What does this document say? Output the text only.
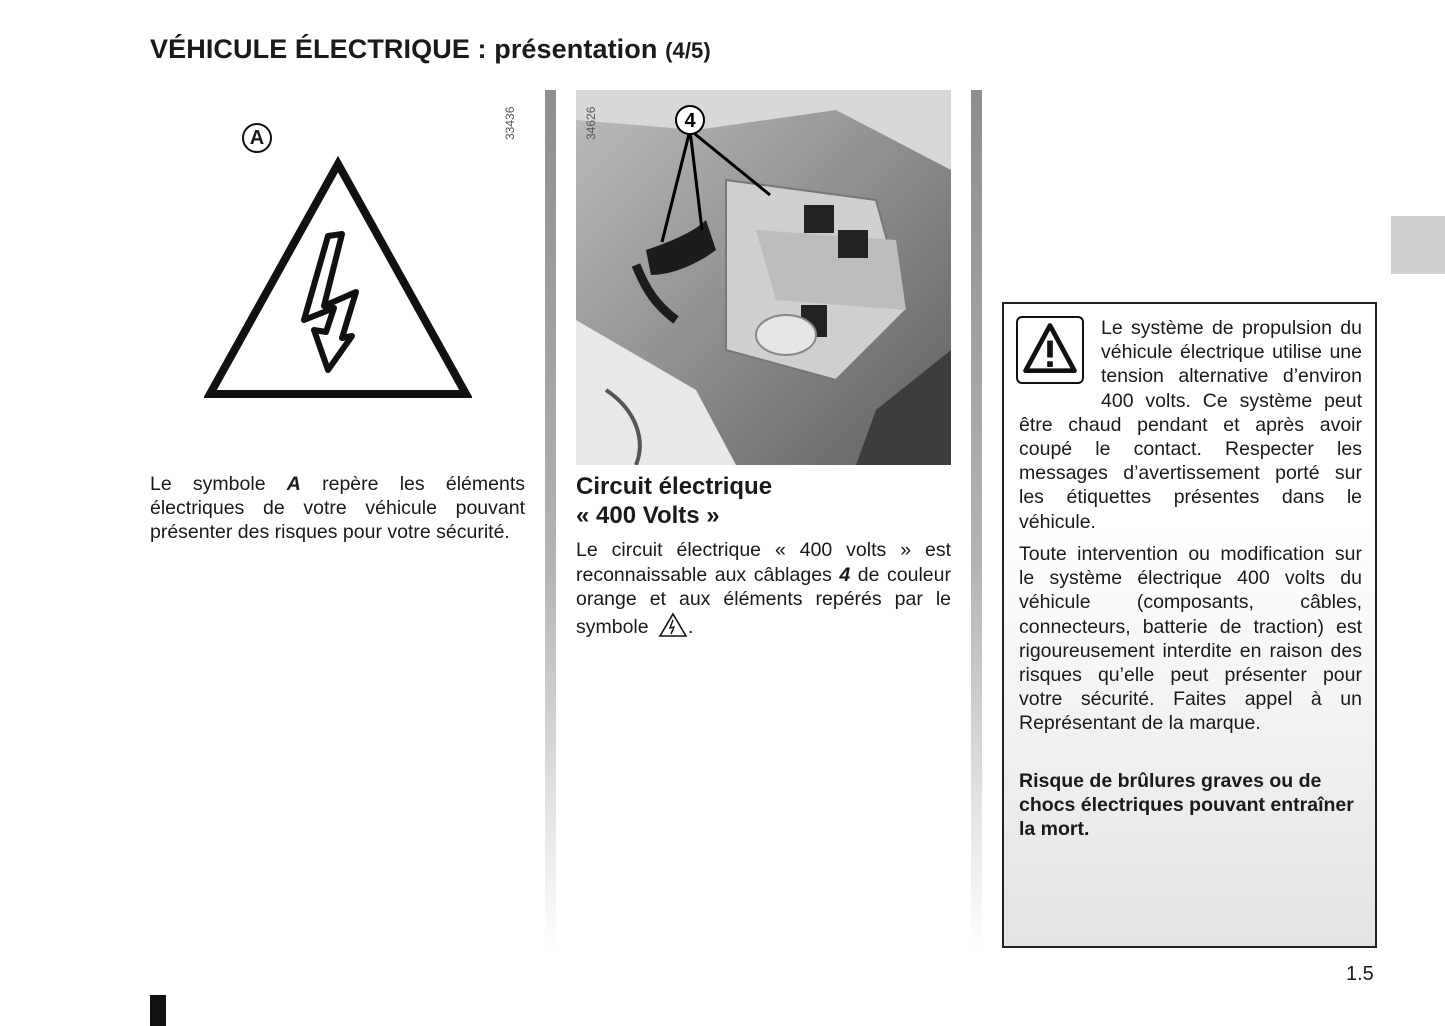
VÉHICULE ÉLECTRIQUE : présentation (4/5)
33436
A

Le symbole A repère les éléments électriques de votre véhicule pouvant présenter des risques pour votre sécurité.

4
34626
Circuit électrique
« 400 Volts »

Le circuit électrique « 400 volts » est reconnaissable aux câblages 4 de couleur orange et aux éléments repérés par le symbole .

Le système de propulsion du véhicule électrique utilise une tension alternative d’environ 400 volts. Ce système peut être chaud pendant et après avoir coupé le contact. Respecter les messages d’avertissement porté sur les étiquettes présentes dans le véhicule.

Toute intervention ou modification sur le système électrique 400 volts du véhicule (composants, câbles, connecteurs, batterie de traction) est rigoureusement interdite en raison des risques qu’elle peut présenter pour votre sécurité. Faites appel à un Représentant de la marque.

Risque de brûlures graves ou de chocs électriques pouvant entraîner la mort.

1.5
